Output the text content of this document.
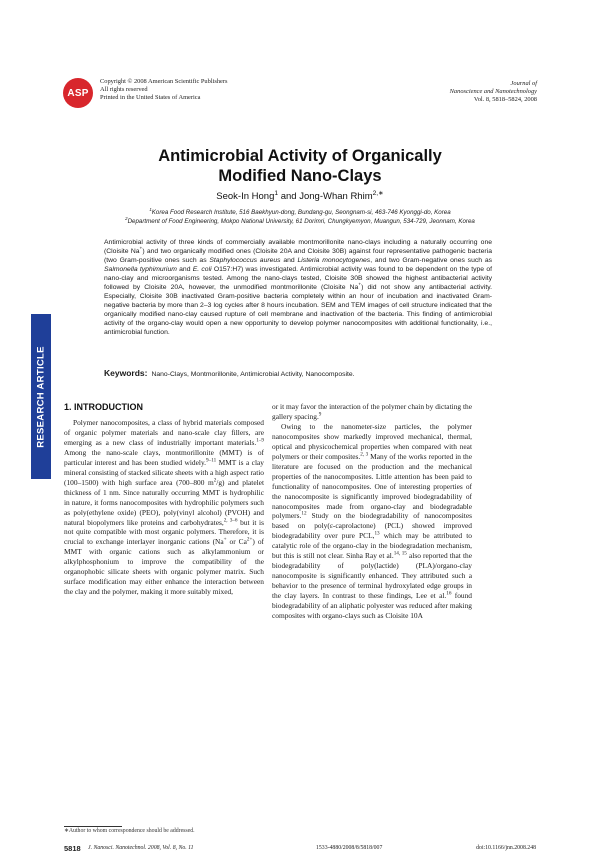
ASP
Copyright © 2008 American Scientific Publishers
All rights reserved
Printed in the United States of America
Journal of
Nanoscience and Nanotechnology
Vol. 8, 5818–5824, 2008
Antimicrobial Activity of Organically
Modified Nano-Clays
Seok-In Hong$^1$ and Jong-Whan Rhim$^{2,∗}$
$^1$Korea Food Research Institute, 516 Baekhyun-dong, Bundang-gu, Seongnam-si, 463-746 Kyonggi-do, Korea
$^2$Department of Food Engineering, Mokpo National University, 61 Dorimri, Chungkyemyon, Muangun, 534-729, Jeonnam, Korea
Antimicrobial activity of three kinds of commercially available montmorillonite nano-clays including a naturally occurring one (Cloisite Na+) and two organically modified ones (Cloisite 20A and Cloisite 30B) against four representative pathogenic bacteria (two Gram-positive ones such as Staphylococcus aureus and Listeria monocytogenes, and two Gram-negative ones such as Salmonella typhimurium and E. coli O157:H7) was investigated. Antimicrobial activity was found to be dependent on the type of nano-clay and microorganisms tested. Among the nano-clays tested, Cloisite 30B showed the highest antibacterial activity followed by Cloisite 20A, however, the unmodified montmorillonite (Cloisite Na+) did not show any antibacterial activity. Especially, Cloisite 30B inactivated Gram-positive bacteria completely within an hour of incubation and inactivated Gram-negative bacteria by more than 2–3 log cycles after 8 hours incubation. SEM and TEM images of cell structure indicated that the organically modified nano-clay caused rupture of cell membrane and inactivation of the bacteria. This finding of antimicrobial activity of the organo-clay would open a new opportunity to develop polymer nanocomposites with additional functionality, i.e., antimicrobial function.
Keywords: Nano-Clays, Montmorillonite, Antimicrobial Activity, Nanocomposite.
RESEARCH ARTICLE 1. INTRODUCTION

Polymer nanocomposites, a class of hybrid materials composed of organic polymer materials and nano-scale clay fillers, are emerging as a new class of industrially important materials.$^{1-9}$ Among the nano-scale clays, montmorillonite (MMT) is of particular interest and has been studied widely.$^{9-11}$ MMT is a clay mineral consisting of stacked silicate sheets with a high aspect ratio (100–1500) with high surface area (700–800 $m^2/g$) and platelet thickness of 1 nm. Since naturally occurring MMT is hydrophilic in nature, it forms nanocomposites with hydrophilic polymers such as poly(ethylene oxide) (PEO), poly(vinyl alcohol) (PVOH) and natural biopolymers like proteins and carbohydrates,$^{2, 3-6}$ but it is not quite compatible with most organic polymers. Therefore, it is crucial to exchange interlayer inorganic cations (Na+ or $Ca^{2+}$) of MMT with organic cations such as alkylammonium or alkylphosphonium to improve the compatibility of the organophobic silicate sheets with organic polymer matrix. Such surface modification may either enhance the interaction between the clay and the polymer, making it more suitably mixed,

or it may favor the interaction of the polymer chain by dictating the gallery spacing.$^9$

Owing to the nanometer-size particles, the polymer nanocomposites show markedly improved mechanical, thermal, optical and physicochemical properties when compared with neat polymers or their composites.$^{2, 3}$ Many of the works reported in the literature are focused on the production and the mechanical properties of the nanocomposites. Little attention has been paid to functionality of nanocomposites. One of interesting properties of the nanocomposite is significantly improved biodegradability of nanocomposites made from organo-clay and biodegradable polymers.$^{12}$ Study on the biodegradability of nanocomposites based on poly(ε-caprolactone) (PCL) showed improved biodegradability over pure PCL,$^{13}$ which may be attributed to catalytic role of the organo-clay in the biodegradation mechanism, but this is still not clear. Sinha Ray et al.$^{14, 15}$ also reported that the biodegradability of poly(lactide) (PLA)/organo-clay nanocomposite is significantly enhanced. They attributed such a behavior to the presence of terminal hydroxylated edge groups in the clay layers. In contrast to these findings, Lee et al.$^{16}$ found biodegradability of an aliphatic polyester was reduced after making composites with organo-clays such as Cloisite 10A

∗Author to whom correspondence should be addressed.
5818 J. Nanosci. Nanotechnol. 2008, Vol. 8, No. 11	1533-4880/2008/8/5818/007	doi:10.1166/jnn.2008.248
